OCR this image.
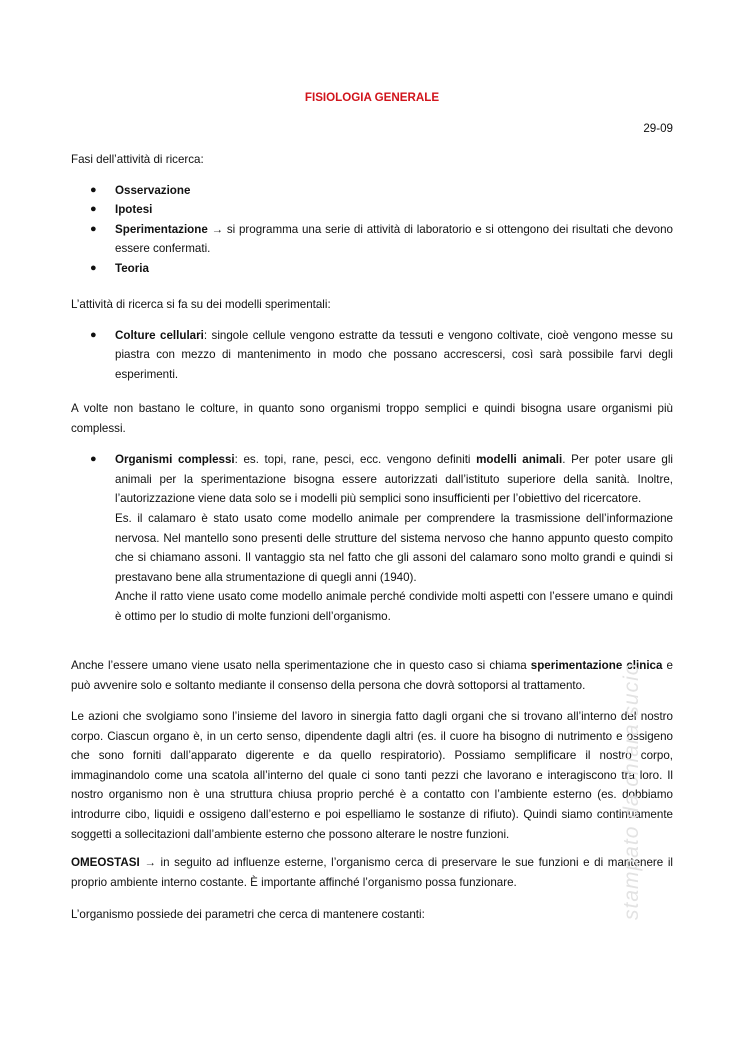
FISIOLOGIA GENERALE
29-09

Fasi dell’attività di ricerca:

● Osservazione
● Ipotesi
● Sperimentazione → si programma una serie di attività di laboratorio e si ottengono dei risultati che devono essere confermati.
● Teoria

L’attività di ricerca si fa su dei modelli sperimentali:

● Colture cellulari: singole cellule vengono estratte da tessuti e vengono coltivate, cioè vengono messe su piastra con mezzo di mantenimento in modo che possano accrescersi, così sarà possibile farvi degli esperimenti.

A volte non bastano le colture, in quanto sono organismi troppo semplici e quindi bisogna usare organismi più complessi.

● Organismi complessi: es. topi, rane, pesci, ecc. vengono definiti modelli animali. Per poter usare gli animali per la sperimentazione bisogna essere autorizzati dall’istituto superiore della sanità. Inoltre, l’autorizzazione viene data solo se i modelli più semplici sono insufficienti per l’obiettivo del ricercatore.

Es. il calamaro è stato usato come modello animale per comprendere la trasmissione dell’informazione nervosa. Nel mantello sono presenti delle strutture del sistema nervoso che hanno appunto questo compito che si chiamano assoni. Il vantaggio sta nel fatto che gli assoni del calamaro sono molto grandi e quindi si prestavano bene alla strumentazione di quegli anni (1940).

Anche il ratto viene usato come modello animale perché condivide molti aspetti con l’essere umano e quindi è ottimo per lo studio di molte funzioni dell’organismo.

Anche l’essere umano viene usato nella sperimentazione che in questo caso si chiama sperimentazione clinica e può avvenire solo e soltanto mediante il consenso della persona che dovrà sottoporsi al trattamento.

Le azioni che svolgiamo sono l’insieme del lavoro in sinergia fatto dagli organi che si trovano all’interno del nostro corpo. Ciascun organo è, in un certo senso, dipendente dagli altri (es. il cuore ha bisogno di nutrimento e ossigeno che sono forniti dall’apparato digerente e da quello respiratorio). Possiamo semplificare il nostro corpo, immaginandolo come una scatola all’interno del quale ci sono tanti pezzi che lavorano e interagiscono tra loro. Il nostro organismo non è una struttura chiusa proprio perché è a contatto con l’ambiente esterno (es. dobbiamo introdurre cibo, liquidi e ossigeno dall’esterno e poi espelliamo le sostanze di rifiuto). Quindi siamo continuamente soggetti a sollecitazioni dall’ambiente esterno che possono alterare le nostre funzioni.

OMEOSTASI → in seguito ad influenze esterne, l’organismo cerca di preservare le sue funzioni e di mantenere il proprio ambiente interno costante. È importante affinché l’organismo possa funzionare.

L’organismo possiede dei parametri che cerca di mantenere costanti:	stampato da chiara sucio
